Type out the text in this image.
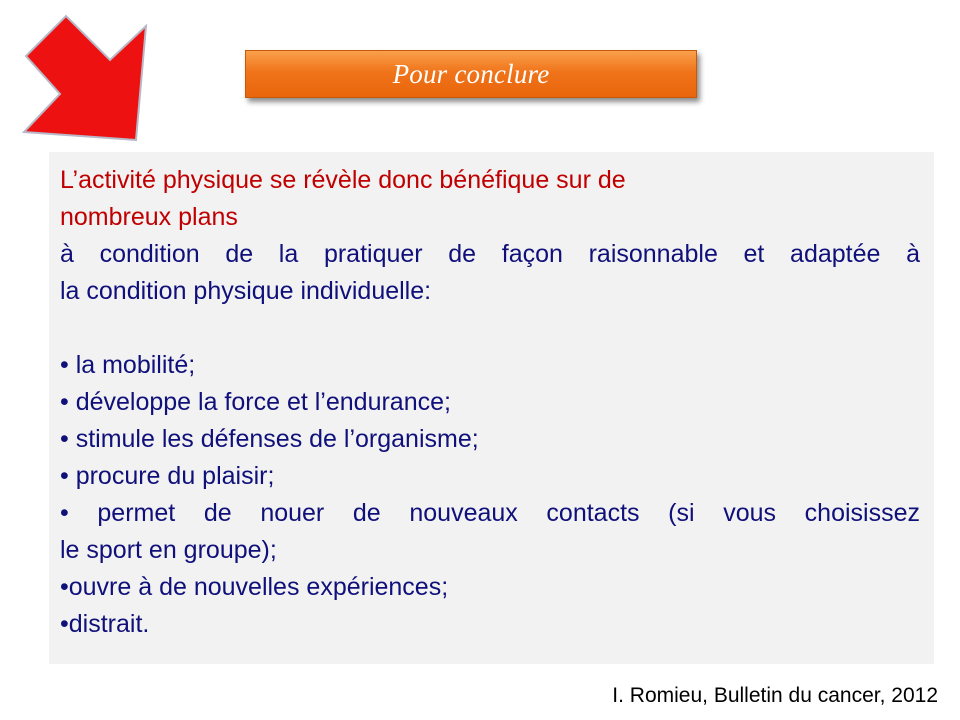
Pour conclure
L’activité physique se révèle donc bénéfique sur de
nombreux plans
à condition de la pratiquer de façon raisonnable et adaptée à
la condition physique individuelle:
• la mobilité;
• développe la force et l’endurance;
• stimule les défenses de l’organisme;
• procure du plaisir;
• permet de nouer de nouveaux contacts (si vous choisissez
le sport en groupe);
•ouvre à de nouvelles expériences;
•distrait.
I. Romieu, Bulletin du cancer, 2012
